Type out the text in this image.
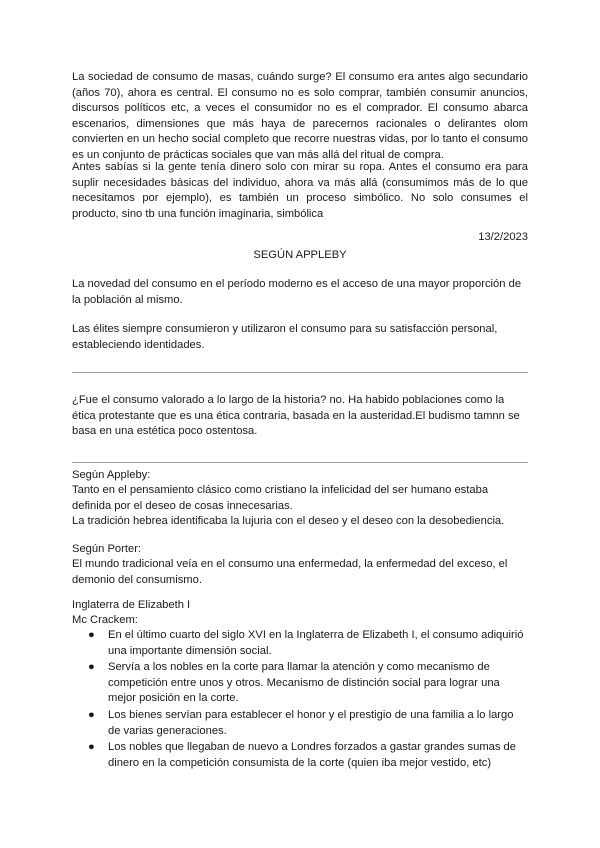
La sociedad de consumo de masas, cuándo surge? El consumo era antes algo secundario (años 70), ahora es central. El consumo no es solo comprar, también consumir anuncios, discursos políticos etc, a veces el consumidor no es el comprador. El consumo abarca escenarios, dimensiones que más haya de parecernos racionales o delirantes olom convierten en un hecho social completo que recorre nuestras vidas, por lo tanto el consumo es un conjunto de prácticas sociales que van más allá del ritual de compra.

Antes sabías si la gente tenía dinero solo con mirar su ropa. Antes el consumo era para suplir necesidades básicas del individuo, ahora va más allá (consumimos más de lo que necesitamos por ejemplo), es también un proceso simbólico. No solo consumes el producto, sino tb una función imaginaria, simbólica

13/2/2023

SEGÚN APPLEBY

La novedad del consumo en el período moderno es el acceso de una mayor proporción de la población al mismo.

Las élites siempre consumieron y utilizaron el consumo para su satisfacción personal, estableciendo identidades.

¿Fue el consumo valorado a lo largo de la historia? no. Ha habido poblaciones como la ética protestante que es una ética contraria, basada en la austeridad.El budismo tamnn se basa en una estética poco ostentosa.

Según Appleby:

Tanto en el pensamiento clásico como cristiano la infelicidad del ser humano estaba definida por el deseo de cosas innecesarias.

La tradición hebrea identificaba la lujuria con el deseo y el deseo con la desobediencia.

Según Porter:

El mundo tradicional veía en el consumo una enfermedad, la enfermedad del exceso, el demonio del consumismo.

Inglaterra de Elizabeth I

Mc Crackem:

● En el último cuarto del siglo XVI en la Inglaterra de Elizabeth I, el consumo adiquirió una importante dimensión social.
● Servía a los nobles en la corte para llamar la atención y como mecanismo de competición entre unos y otros. Mecanismo de distinción social para lograr una mejor posición en la corte.
● Los bienes servían para establecer el honor y el prestigio de una familia a lo largo de varias generaciones.
● Los nobles que llegaban de nuevo a Londres forzados a gastar grandes sumas de dinero en la competición consumista de la corte (quien iba mejor vestido, etc)
